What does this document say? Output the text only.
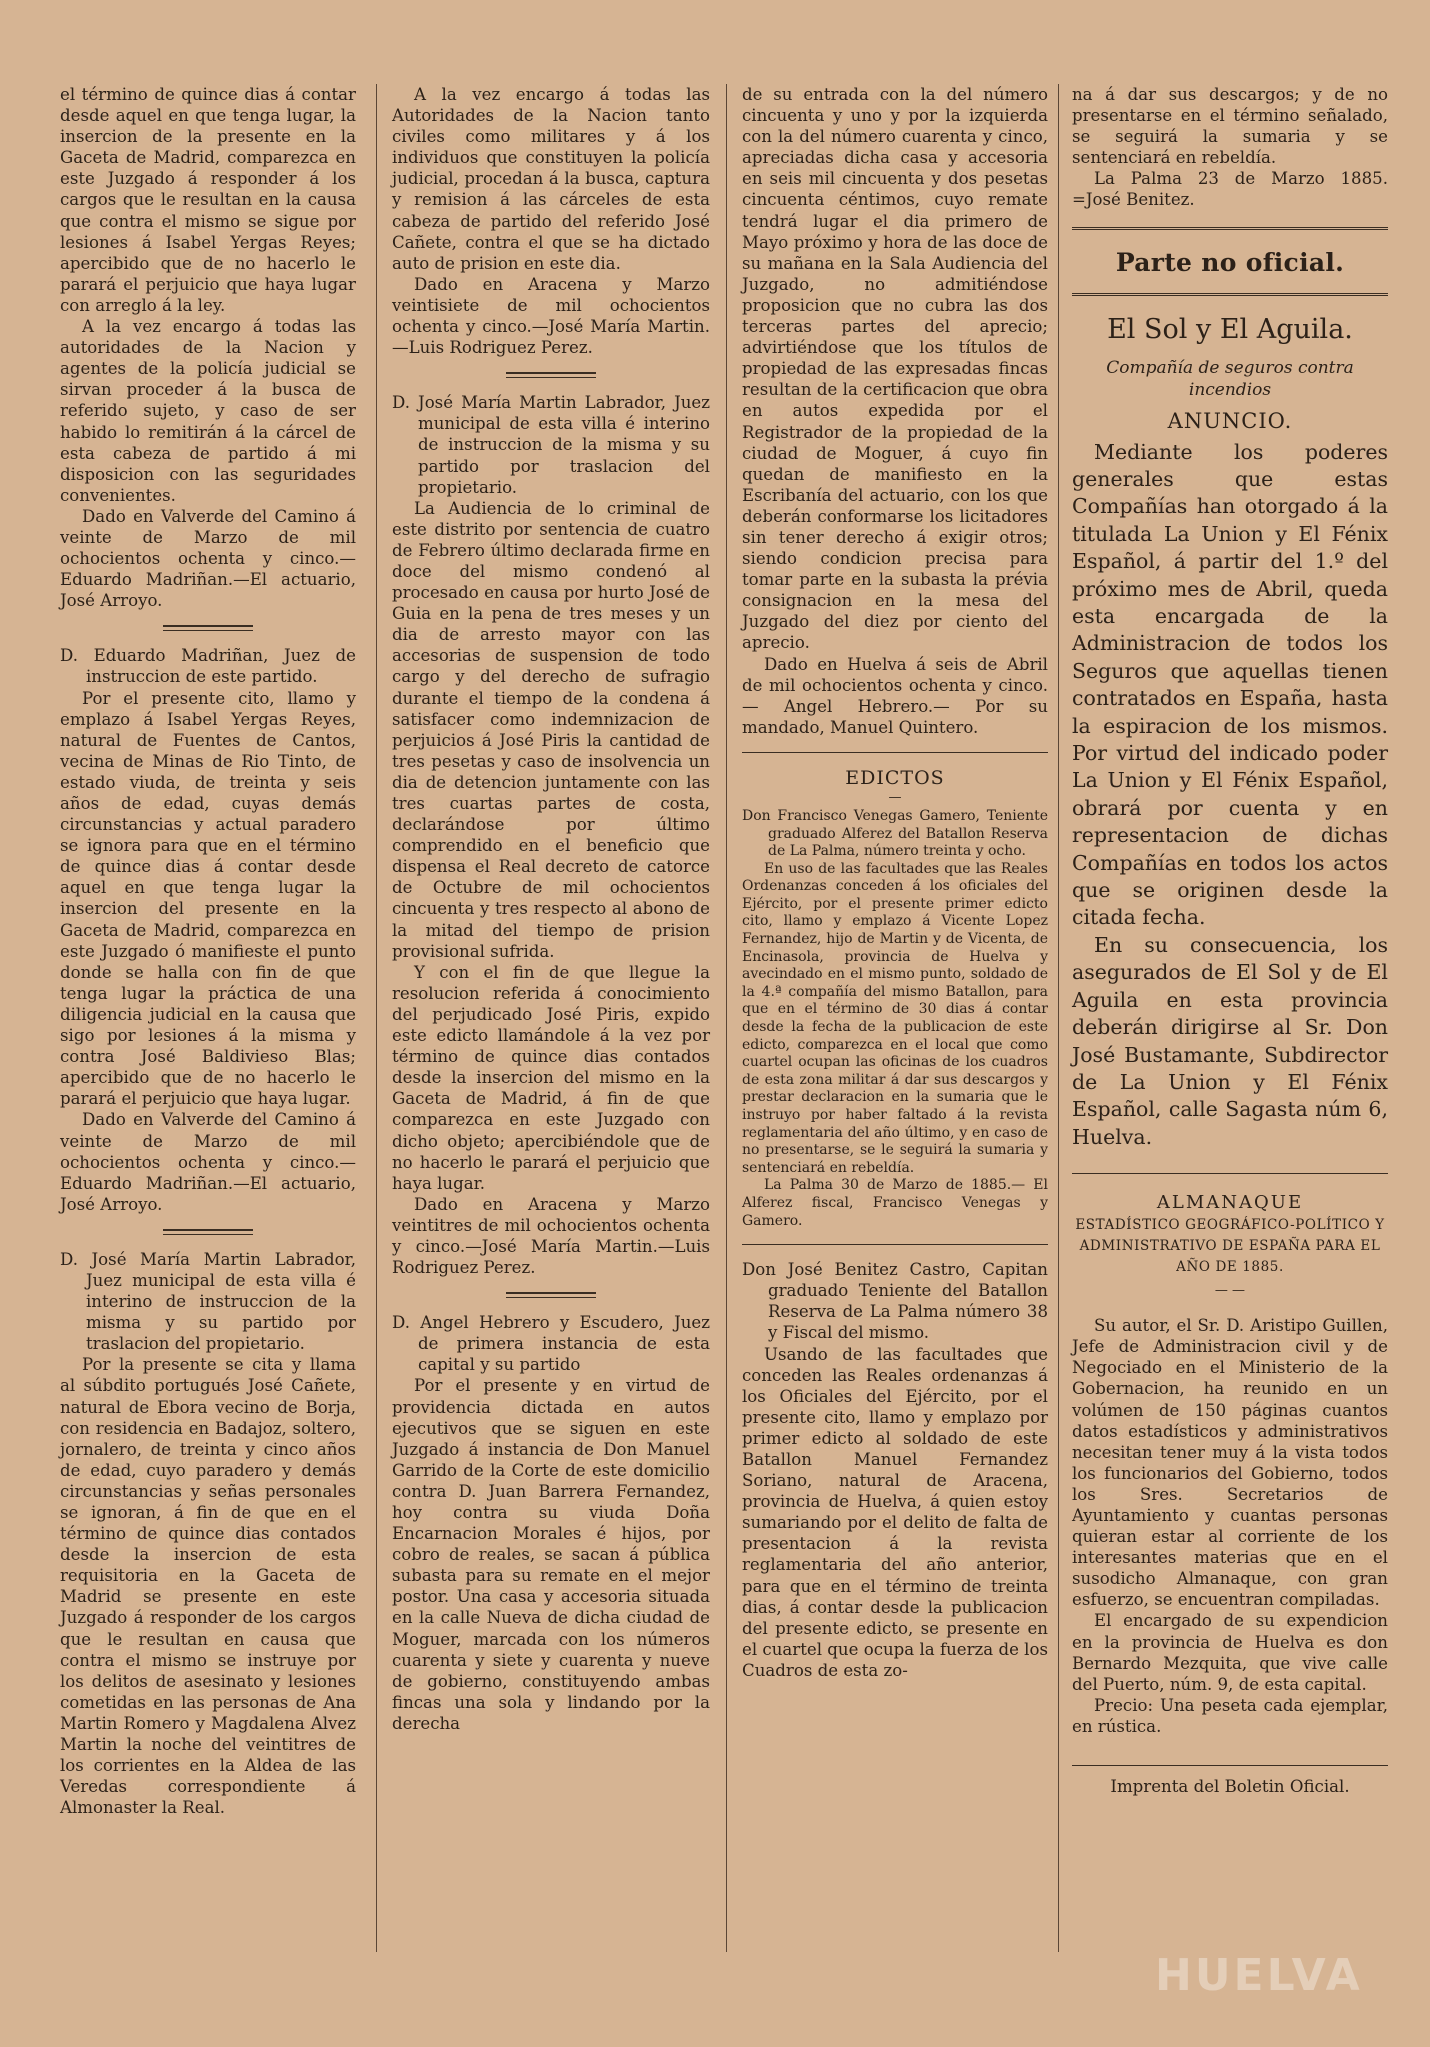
el término de quince dias á contar desde aquel en que tenga lugar, la insercion de la presente en la Gaceta de Madrid, comparezca en este Juzgado á responder á los cargos que le resultan en la causa que contra el mismo se sigue por lesiones á Isabel Yergas Reyes; apercibido que de no hacerlo le parará el perjuicio que haya lugar con arreglo á la ley.

A la vez encargo á todas las autoridades de la Nacion y agentes de la policía judicial se sirvan proceder á la busca de referido sujeto, y caso de ser habido lo remitirán á la cárcel de esta cabeza de partido á mi disposicion con las seguridades convenientes.

Dado en Valverde del Camino á veinte de Marzo de mil ochocientos ochenta y cinco.—Eduardo Madriñan.—El actuario, José Arroyo.

D. Eduardo Madriñan, Juez de instruccion de este partido.

Por el presente cito, llamo y emplazo á Isabel Yergas Reyes, natural de Fuentes de Cantos, vecina de Minas de Rio Tinto, de estado viuda, de treinta y seis años de edad, cuyas demás circunstancias y actual paradero se ignora para que en el término de quince dias á contar desde aquel en que tenga lugar la insercion del presente en la Gaceta de Madrid, comparezca en este Juzgado ó manifieste el punto donde se halla con fin de que tenga lugar la práctica de una diligencia judicial en la causa que sigo por lesiones á la misma y contra José Baldivieso Blas; apercibido que de no hacerlo le parará el perjuicio que haya lugar.

Dado en Valverde del Camino á veinte de Marzo de mil ochocientos ochenta y cinco.—Eduardo Madriñan.—El actuario, José Arroyo.

D. José María Martin Labrador, Juez municipal de esta villa é interino de instruccion de la misma y su partido por traslacion del propietario.

Por la presente se cita y llama al súbdito portugués José Cañete, natural de Ebora vecino de Borja, con residencia en Badajoz, soltero, jornalero, de treinta y cinco años de edad, cuyo paradero y demás circunstancias y señas personales se ignoran, á fin de que en el término de quince dias contados desde la insercion de esta requisitoria en la Gaceta de Madrid se presente en este Juzgado á responder de los cargos que le resultan en causa que contra el mismo se instruye por los delitos de asesinato y lesiones cometidas en las personas de Ana Martin Romero y Magdalena Alvez Martin la noche del veintitres de los corrientes en la Aldea de las Veredas correspondiente á Almonaster la Real.

A la vez encargo á todas las Autoridades de la Nacion tanto civiles como militares y á los individuos que constituyen la policía judicial, procedan á la busca, captura y remision á las cárceles de esta cabeza de partido del referido José Cañete, contra el que se ha dictado auto de prision en este dia.

Dado en Aracena y Marzo veintisiete de mil ochocientos ochenta y cinco.—José María Martin.—Luis Rodriguez Perez.

D. José María Martin Labrador, Juez municipal de esta villa é interino de instruccion de la misma y su partido por traslacion del propietario.

La Audiencia de lo criminal de este distrito por sentencia de cuatro de Febrero último declarada firme en doce del mismo condenó al procesado en causa por hurto José de Guia en la pena de tres meses y un dia de arresto mayor con las accesorias de suspension de todo cargo y del derecho de sufragio durante el tiempo de la condena á satisfacer como indemnizacion de perjuicios á José Piris la cantidad de tres pesetas y caso de insolvencia un dia de detencion juntamente con las tres cuartas partes de costa, declarándose por último comprendido en el beneficio que dispensa el Real decreto de catorce de Octubre de mil ochocientos cincuenta y tres respecto al abono de la mitad del tiempo de prision provisional sufrida.

Y con el fin de que llegue la resolucion referida á conocimiento del perjudicado José Piris, expido este edicto llamándole á la vez por término de quince dias contados desde la insercion del mismo en la Gaceta de Madrid, á fin de que comparezca en este Juzgado con dicho objeto; apercibiéndole que de no hacerlo le parará el perjuicio que haya lugar.

Dado en Aracena y Marzo veintitres de mil ochocientos ochenta y cinco.—José María Martin.—Luis Rodriguez Perez.

D. Angel Hebrero y Escudero, Juez de primera instancia de esta capital y su partido

Por el presente y en virtud de providencia dictada en autos ejecutivos que se siguen en este Juzgado á instancia de Don Manuel Garrido de la Corte de este domicilio contra D. Juan Barrera Fernandez, hoy contra su viuda Doña Encarnacion Morales é hijos, por cobro de reales, se sacan á pública subasta para su remate en el mejor postor. Una casa y accesoria situada en la calle Nueva de dicha ciudad de Moguer, marcada con los números cuarenta y siete y cuarenta y nueve de gobierno, constituyendo ambas fincas una sola y lindando por la derecha

de su entrada con la del número cincuenta y uno y por la izquierda con la del número cuarenta y cinco, apreciadas dicha casa y accesoria en seis mil cincuenta y dos pesetas cincuenta céntimos, cuyo remate tendrá lugar el dia primero de Mayo próximo y hora de las doce de su mañana en la Sala Audiencia del Juzgado, no admitiéndose proposicion que no cubra las dos terceras partes del aprecio; advirtiéndose que los títulos de propiedad de las expresadas fincas resultan de la certificacion que obra en autos expedida por el Registrador de la propiedad de la ciudad de Moguer, á cuyo fin quedan de manifiesto en la Escribanía del actuario, con los que deberán conformarse los licitadores sin tener derecho á exigir otros; siendo condicion precisa para tomar parte en la subasta la prévia consignacion en la mesa del Juzgado del diez por ciento del aprecio.

Dado en Huelva á seis de Abril de mil ochocientos ochenta y cinco.— Angel Hebrero.— Por su mandado, Manuel Quintero.

EDICTOS
—

Don Francisco Venegas Gamero, Teniente graduado Alferez del Batallon Reserva de La Palma, número treinta y ocho.

En uso de las facultades que las Reales Ordenanzas conceden á los oficiales del Ejército, por el presente primer edicto cito, llamo y emplazo á Vicente Lopez Fernandez, hijo de Martin y de Vicenta, de Encinasola, provincia de Huelva y avecindado en el mismo punto, soldado de la 4.ª compañía del mismo Batallon, para que en el término de 30 dias á contar desde la fecha de la publicacion de este edicto, comparezca en el local que como cuartel ocupan las oficinas de los cuadros de esta zona militar á dar sus descargos y prestar declaracion en la sumaria que le instruyo por haber faltado á la revista reglamentaria del año último, y en caso de no presentarse, se le seguirá la sumaria y sentenciará en rebeldía.

La Palma 30 de Marzo de 1885.— El Alferez fiscal, Francisco Venegas y Gamero.

Don José Benitez Castro, Capitan graduado Teniente del Batallon Reserva de La Palma número 38 y Fiscal del mismo.

Usando de las facultades que conceden las Reales ordenanzas á los Oficiales del Ejército, por el presente cito, llamo y emplazo por primer edicto al soldado de este Batallon Manuel Fernandez Soriano, natural de Aracena, provincia de Huelva, á quien estoy sumariando por el delito de falta de presentacion á la revista reglamentaria del año anterior, para que en el término de treinta dias, á contar desde la publicacion del presente edicto, se presente en el cuartel que ocupa la fuerza de los Cuadros de esta zo-

na á dar sus descargos; y de no presentarse en el término señalado, se seguirá la sumaria y se sentenciará en rebeldía.

La Palma 23 de Marzo 1885. =José Benitez.

Parte no oficial.
El Sol y El Aguila.
Compañía de seguros contra incendios
ANUNCIO.

Mediante los poderes generales que estas Compañías han otorgado á la titulada La Union y El Fénix Español, á partir del 1.º del próximo mes de Abril, queda esta encargada de la Administracion de todos los Seguros que aquellas tienen contratados en España, hasta la espiracion de los mismos. Por virtud del indicado poder La Union y El Fénix Español, obrará por cuenta y en representacion de dichas Compañías en todos los actos que se originen desde la citada fecha.

En su consecuencia, los asegurados de El Sol y de El Aguila en esta provincia deberán dirigirse al Sr. Don José Bustamante, Subdirector de La Union y El Fénix Español, calle Sagasta núm 6, Huelva.

ALMANAQUE
ESTADÍSTICO GEOGRÁFICO-POLÍTICO Y ADMINISTRATIVO DE ESPAÑA PARA EL AÑO DE 1885.
— —

Su autor, el Sr. D. Aristipo Guillen, Jefe de Administracion civil y de Negociado en el Ministerio de la Gobernacion, ha reunido en un volúmen de 150 páginas cuantos datos estadísticos y administrativos necesitan tener muy á la vista todos los funcionarios del Gobierno, todos los Sres. Secretarios de Ayuntamiento y cuantas personas quieran estar al corriente de los interesantes materias que en el susodicho Almanaque, con gran esfuerzo, se encuentran compiladas.

El encargado de su expendicion en la provincia de Huelva es don Bernardo Mezquita, que vive calle del Puerto, núm. 9, de esta capital.

Precio: Una peseta cada ejemplar, en rústica.

Imprenta del Boletin Oficial.
HUELVA
